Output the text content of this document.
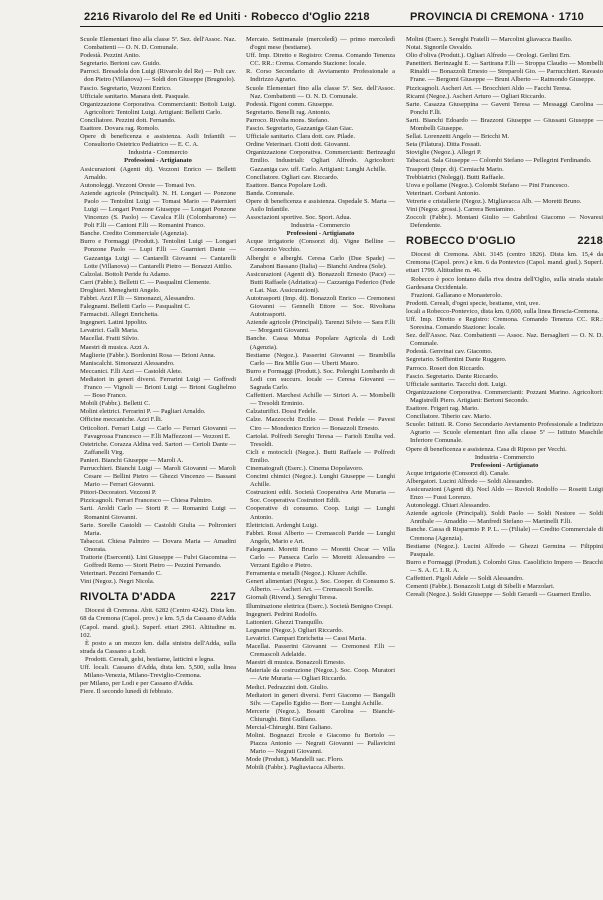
2216 Rivarolo del Re ed Uniti · Robecco d'Oglio 2218	PROVINCIA DI CREMONA · 1710

Scuole Elementari fino alla classe 5ª. Sez. dell'Assoc. Naz. Combattenti — O. N. D. Comunale.

Podestà. Pezzini Anito.

Segretario. Bertoni cav. Guido.

Parroci. Bresadola don Luigi (Rivarolo del Re) — Poli cav. don Pietro (Villanova) — Soldi don Giuseppe (Brugnolo).

Fascio. Segretario, Vezzoni Enrico.

Ufficiale sanitario. Manara dott. Pasquale.

Organizzazione Corporativa. Commercianti: Bottoli Luigi. Agricoltori: Tentolini Luigi. Artigiani: Belletti Carlo.

Conciliatore. Pezzini dott. Fernando.

Esattore. Dovara rag. Romolo.

Opere di beneficenza e assistenza. Asili Infantili — Consultorio Ostetrico Pediatrico — E. C. A.

Industria - Commercio

Professioni - Artigianato

Assicurazioni (Agenti di). Vezzoni Enrico — Belletti Arnaldo.

Autonoleggi. Vezzoni Oreste — Tomasi Ivo.

Aziende agricole (Principali). N. H. Longari — Ponzone Paolo — Tentolini Luigi — Tomasi Mario — Paternieri Luigi — Longari Ponzone Giuseppe — Longari Ponzone Vincenzo (S. Paolo) — Cavalca F.lli (Colombarone) — Poli F.lli — Cantoni F.lli — Romanini Franco.

Banche. Credito Commerciale (Agenzia).

Burro e Formaggi (Produtt.). Tentolini Luigi — Longari Ponzone Paolo — Lupi F.lli — Guarnieri Dante — Gazzaniga Luigi — Cantarelli Giovanni — Cantarelli Lotte (Villanova) — Cantarelli Pietro — Bonazzi Attilio.

Calzolai. Bottoli Peride fu Adamo.

Carri (Fabbr.). Belletti C. — Pasqualini Clemente.

Droghieri. Meneghetti Angelo.

Fabbri. Azzi F.lli — Simonazzi, Alessandro.

Falegnami. Belletti Carlo — Pasqualini C.

Farmacisti. Allegri Enrichetta.

Ingegneri. Latini Ippolito.

Levatrici. Galli Maria.

Macellai. Fratti Silvio.

Maestri di musica. Azzi A.

Maglierie (Fabbr.). Bordonini Rosa — Brioni Anna.

Maniscalchi. Simonazzi Alessandro.

Meccanici. F.lli Azzi — Castoldi Alete.

Mediatori in generi diversi. Ferrarini Luigi — Goffredi Franco — Vignoli — Brioni Luigi — Brioni Guglielmo — Boso Franco.

Mobili (Fabbr.). Belletti C.

Molini elettrici. Ferrarini P. — Pagliari Arnaldo.

Officine meccaniche. Azzi F.lli.

Orticoltori. Ferrari Luigi — Carlo — Ferrari Giovanni — Favagrossa Francesco — F.lli Maffezzoni — Vezzoni E.

Ostetriche. Corazza Aldina ved. Sartori — Cerioli Dante — Zaffanelli Virg.

Panieri. Bianchi Giuseppe — Maroli A.

Parrucchieri. Bianchi Luigi — Maroli Giovanni — Maroli Cesare — Bellini Pietro — Ghezzi Vincenzo — Bassani Mario — Ferrari Giovanni.

Pittori-Decoratori. Vezzoni P.

Pizzicagnoli. Ferrari Francesco — Chiesa Palmiro.

Sarti. Aroldi Carlo — Storti P. — Romanini Luigi — Romanini Giovanni.

Sarte. Sorelle Castoldi — Castoldi Giulia — Poltronieri Maria.

Tabaccai. Chiesa Palmiro — Dovara Maria — Amadini Onorata.

Trattorie (Esercenti). Lini Giuseppe — Fulvi Giacomina — Goffredi Remo — Storti Pietro — Pezzini Fernando.

Veterinari. Pezzini Fernando C.

Vini (Negoz.). Negri Nicola.

RIVOLTA D'ADDA	2217

Diocesi di Cremona. Abit. 6282 (Centro 4242). Dista km. 68 da Cremona (Capol. prov.) e km. 5,5 da Cassano d'Adda (Capol. mand. giud.). Superf. ettari 2961. Altitudine m. 102.

È posto a un mezzo km. dalla sinistra dell'Adda, sulla strada da Cassano a Lodi.

Prodotti. Cereali, gelsi, bestiame, latticini e legna.

Uff. locali. Cassano d'Adda, dista km. 5,500, sulla linea Milano-Venezia, Milano-Treviglio-Cremona.

per Milano, per Lodi e per Cassano d'Adda.

Fiere. Il secondo lunedì di febbraio.

Mercato. Settimanale (mercoledì) — primo mercoledì d'ogni mese (bestiame).

Uff. Imp. Diretto e Registro: Crema. Comando Tenenza CC. RR.: Crema. Comando Stazione: locale.

R. Corso Secondario di Avviamento Professionale a Indirizzo Agrario.

Scuole Elementari fino alla classe 5ª. Sez. dell'Assoc. Naz. Combattenti — O. N. D. Comunale.

Podestà. Figoni comm. Giuseppe.

Segretario. Benelli rag. Antonio.

Parroco. Rivolta mons. Stefano.

Fascio. Segretario, Gazzaniga Gian Giac.

Ufficiale sanitario. Clara dott. cav. Pilade.

Ordine Veterinari. Ciotti dott. Giovanni.

Organizzazione Corporativa. Commercianti: Berinzaghi Emilio. Industriali: Ogliari Alfredo. Agricoltori: Gazzaniga cav. uff. Carlo. Artigiani: Lunghi Achille.

Conciliatore. Ogliari cav. Riccardo.

Esattore. Banca Popolare Lodi.

Banda. Comunale.

Opere di beneficenza e assistenza. Ospedale S. Marta — Asilo Infantile.

Associazioni sportive. Soc. Sport. Adua.

Industria - Commercio

Professioni - Artigianato

Acque irrigatorie (Consorzi di). Vigne Belline — Consorzio Vecchio.

Alberghi e alberghi. Ceresa Carlo (Due Spade) — Zanaboni Bassano (Italia) — Bianchi Andrea (Sole).

Assicurazioni (Agenti di). Bonazzoli Ernesto (Pace) — Butti Raffaele (Adriatica) — Cazzaniga Federico (Fede e Lat. Naz. Assicurazioni).

Autotrasporti (Imp. di). Bonazzoli Enrico — Cremonesi Giovanni — Gennelli Ettore — Soc. Rivoltana Autotrasporti.

Aziende agricole (Principali). Tarenzi Silvio — Sara F.lli — Morganti Giovanni.

Banche. Cassa Mutua Popolare Agricola di Lodi (Agenzia).

Bestiame (Negoz.). Passerini Giovanni — Brambilla Carlo — Bra Mille Guo — Uberti Mauro.

Burro e Formaggi (Produtt.). Soc. Polenghi Lombardo di Lodi con succurs. locale — Ceresa Giovanni — Sagrada Carlo.

Caffettieri. Marchesi Achille — Sirtori A. — Mombelli — Tresoldi Erminio.

Calzaturifici. Dossi Fedele.

Calze. Mazzocchi Ercilio — Dossi Fedele — Pavesi Ciro — Mondonico Enrico — Bonazzoli Ernesto.

Cartolai. Polfredi Sereghi Teresa — Farioli Emilia ved. Tresoldi.

Cicli e motocicli (Negoz.). Butti Raffaele — Polfredi Emilio.

Cinematografi (Eserc.). Cinema Dopolavoro.

Concimi chimici (Negoz.). Lunghi Giuseppe — Lunghi Achille.

Costruzioni edili. Società Cooperativa Arte Muraria — Soc. Cooperativa Costruttori Edili.

Cooperative di consumo. Coop. Luigi — Lunghi Antonio.

Elettricisti. Ardenghi Luigi.

Fabbri. Rossi Alberto — Cremascoli Paride — Lunghi Angelo, Mario e Art.

Falegnami. Moretti Bruno — Moretti Oscar — Villa Carlo — Panseca Carlo — Moretti Alessandro — Verzani Egidio e Pietro.

Ferramenta e metalli (Negoz.). Kluzer Achille.

Generi alimentari (Negoz.). Soc. Cooper. di Consumo S. Alberto. — Ascheri Art. — Cremascoli Sorelle.

Giornali (Rivend.). Sereghi Teresa.

Illuminazione elettrica (Eserc.). Società Benigno Crespi.

Ingegneri. Pedrini Rodolfo.

Lattonieri. Ghezzi Tranquillo.

Legname (Negoz.). Ogliari Riccardo.

Levatrici. Campari Enrichetta — Cassi Maria.

Macellai. Passerini Giovanni — Cremonesi F.lli — Cremascoli Adelaide.

Maestri di musica. Bonazzoli Ernesto.

Materiale da costruzione (Negoz.). Soc. Coop. Muratori — Arte Muraria — Ogliari Riccardo.

Medici. Pedrazzini dott. Giulio.

Mediatori in generi diversi. Ferri Giacomo — Bangalli Silv. — Capello Egidio — Borr — Lunghi Achille.

Mercerie (Negoz.). Bosatti Carolina — Bianchi-Chiurughi. Bini Guillano.

Mercial-Chirurghi. Bini Guliano.

Molini. Bognazzi Ercole e Giacomo fu Bortolo — Piazza Antonio — Negrati Giovanni — Pallavicini Mario — Negrati Giovanni.

Mode (Produtt.). Mandelli sac. Floro.

Mobili (Fabbr.). Pagliaviacca Alberto.

Molini (Eserc.). Sereghi Fratelli — Marcolini gliavacca Basilio.

Notai. Signorile Osvaldo.

Olio d'oliva (Produtt.). Ogliari Alfredo — Orologi. Gerlini Ern.

Panettieri. Berinzaghi E. — Sartirana F.lli — Stroppa Claudio — Mombelli Rinaldi — Bonazzoli Ernesto — Streparoli Gio. — Parrucchieri. Ravasio Frane. — Bergomi Giuseppe — Bruni Alberto — Raimondo Giuseppe.

Pizzicagnoli. Ascheri Art. — Brocchieri Aldo — Facchi Teresa.

Ricami (Negoz.). Ascheri Arturo — Ogliari Riccardo.

Sarte. Casazza Giuseppina — Gaveni Teresa — Messaggi Carolina — Ponchi F.lli.

Sarti. Bianchi Edoardo — Brazzoni Giuseppe — Giussani Giuseppe — Mombelli Giuseppe.

Sellai. Lorenzetti Angelo — Bricchi M.

Seta (Filatura). Ditta Fossati.

Stoviglie (Negoz.). Allegri P.

Tabaccai. Sala Giuseppe — Colombi Stefano — Pellegrini Ferdinando.

Trasporti (Impr. di). Cerniachi Mario.

Trebbiatrici (Noleggi). Butti Raffaele.

Uova e pollame (Negoz.). Colombi Stefano — Pini Francesco.

Veterinari. Corbani Antonio.

Vetrerie e cristallerie (Negoz.). Migliavacca Alb. — Moretti Bruno.

Vini (Negoz. grossi.). Carrera Beniamino.

Zoccoli (Fabbr.). Montani Giulio — Gabrilosi Giacomo — Novaresi Defendente.

ROBECCO D'OGLIO	2218

Diocesi di Cremona. Abit. 3145 (centro 1826). Dista km. 15,4 da Cremona (Capol. prov.) e km. 6 da Pontevico (Capol. mand. giud.). Superf. ettari 1799. Altitudine m. 46.

Robecco è poco lontano dalla riva destra dell'Oglio, sulla strada statale Gardesana Occidentale.

Frazioni. Gallarano e Monasterolo.

Prodotti. Cereali, d'ogni specie, bestiame, vini, uve.

locali a Robecco-Pontevico, dista km. 0,600, sulla linea Brescia-Cremona.

Uff. Imp. Diretto e Registro: Cremona. Comando Tenenza CC. RR.: Soresina. Comando Stazione: locale.

Sez. dell'Assoc. Naz. Combattenti — Assoc. Naz. Bersaglieri — O. N. D. Comunale.

Podestà. Genvinai cav. Giacomo.

Segretario. Soffientini Dante Ruggero.

Parroco. Roseri don Riccardo.

Fascio. Segretario. Dante Riccardo.

Ufficiale sanitario. Taccchi dott. Luigi.

Organizzazione Corporativa. Commercianti: Pozzani Marino. Agricoltori: Magistrelli Piero. Artigiani: Bertoni Secondo.

Esattore. Frigeri rag. Mario.

Conciliatore. Tiberio cav. Mario.

Scuole: Istituti. R. Corso Secondario Avviamento Professionale a Indirizzo Agrario — Scuole elementari fino alla classe 5ª — Istituto Maschile Inferiore Comunale.

Opere di beneficenza e assistenza. Casa di Riposo per Vecchi.

Industria - Commercio

Professioni - Artigianato

Acque irrigatorie (Consorzi di). Canale.

Albergatori. Lucini Alfredo — Soldi Alessandro.

Assicurazioni (Agenti di). Nocl Aldo — Ruvioli Rodolfo — Rosetti Luigi Enzo — Fussi Lorenzo.

Autonoleggi. Chiari Alessandro.

Aziende agricole (Principali). Soldi Paolo — Soldi Nestore — Soldi Annibale — Amaddio — Manfredi Stefano — Martinelli F.lli.

Banche. Cassa di Risparmio P. P. L. — (Filiale) — Credito Commerciale di Cremona (Agenzia).

Bestiame (Negoz.). Lucini Alfredo — Ghezzi Germina — Filippini Pasquale.

Burro e Formaggi (Produtt.). Colombi Gius. Casolificio Impero — Bracchi — S. A. C. I. R. A.

Caffettieri. Pigoli Adele — Soldi Alessandro.

Cementi (Fabbr.). Bonazzoli Luigi di Sibelli e Marzolari.

Cereali (Negoz.). Soldi Giuseppe — Soldi Gerardi — Guarneri Emilio.
